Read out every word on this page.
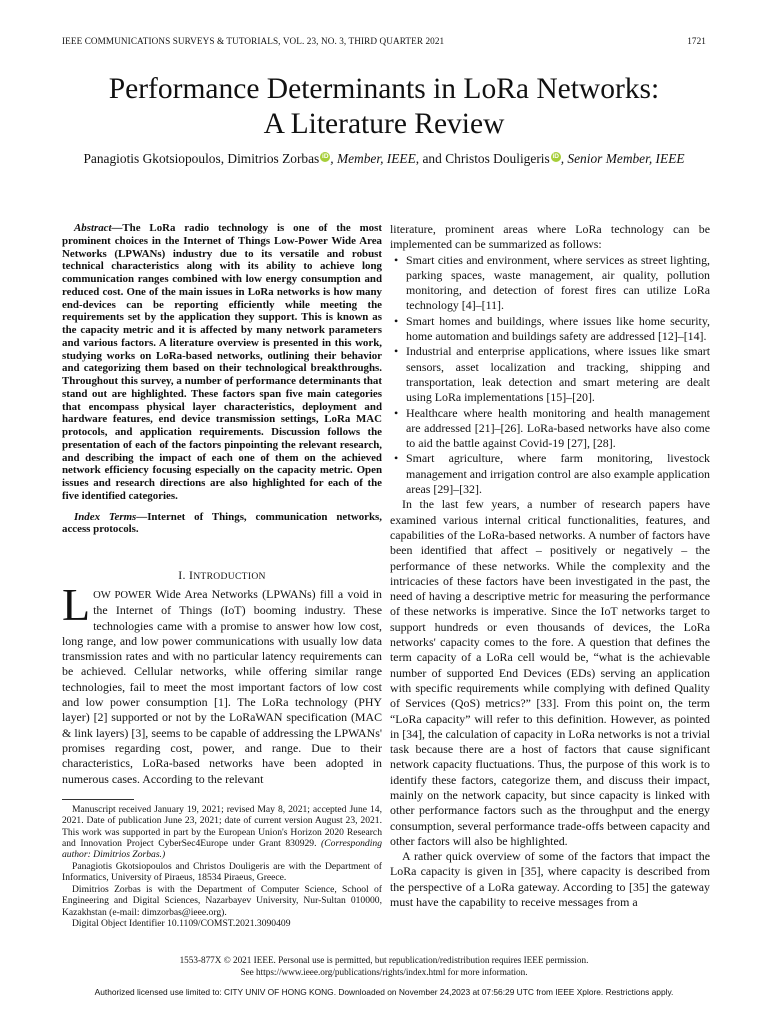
IEEE COMMUNICATIONS SURVEYS & TUTORIALS, VOL. 23, NO. 3, THIRD QUARTER 2021	1721
Performance Determinants in LoRa Networks:
A Literature Review
Panagiotis Gkotsiopoulos, Dimitrios Zorbas iD , Member, IEEE, and Christos Douligeris iD , Senior Member, IEEE

Abstract—The LoRa radio technology is one of the most prominent choices in the Internet of Things Low-Power Wide Area Networks (LPWANs) industry due to its versatile and robust technical characteristics along with its ability to achieve long communication ranges combined with low energy consumption and reduced cost. One of the main issues in LoRa networks is how many end-devices can be reporting efficiently while meeting the requirements set by the application they support. This is known as the capacity metric and it is affected by many network parameters and various factors. A literature overview is presented in this work, studying works on LoRa-based networks, outlining their behavior and categorizing them based on their technological breakthroughs. Throughout this survey, a number of performance determinants that stand out are highlighted. These factors span five main categories that encompass physical layer characteristics, deployment and hardware features, end device transmission settings, LoRa MAC protocols, and application requirements. Discussion follows the presentation of each of the factors pinpointing the relevant research, and describing the impact of each one of them on the achieved network efficiency focusing especially on the capacity metric. Open issues and research directions are also highlighted for each of the five identified categories.

Index Terms—Internet of Things, communication networks, access protocols.

I. INTRODUCTION

LOW POWER Wide Area Networks (LPWANs) fill a void in the Internet of Things (IoT) booming industry. These technologies came with a promise to answer how low cost, long range, and low power communications with usually low data transmission rates and with no particular latency requirements can be achieved. Cellular networks, while offering similar range technologies, fail to meet the most important factors of low cost and low power consumption [1]. The LoRa technology (PHY layer) [2] supported or not by the LoRaWAN specification (MAC & link layers) [3], seems to be capable of addressing the LPWANs' promises regarding cost, power, and range. Due to their characteristics, LoRa-based networks have been adopted in numerous cases. According to the relevant

Manuscript received January 19, 2021; revised May 8, 2021; accepted June 14, 2021. Date of publication June 23, 2021; date of current version August 23, 2021. This work was supported in part by the European Union's Horizon 2020 Research and Innovation Project CyberSec4Europe under Grant 830929. (Corresponding author: Dimitrios Zorbas.)

Panagiotis Gkotsiopoulos and Christos Douligeris are with the Department of Informatics, University of Piraeus, 18534 Piraeus, Greece.

Dimitrios Zorbas is with the Department of Computer Science, School of Engineering and Digital Sciences, Nazarbayev University, Nur-Sultan 010000, Kazakhstan (e-mail: dimzorbas@ieee.org).

Digital Object Identifier 10.1109/COMST.2021.3090409

literature, prominent areas where LoRa technology can be implemented can be summarized as follows:

• Smart cities and environment, where services as street lighting, parking spaces, waste management, air quality, pollution monitoring, and detection of forest fires can utilize LoRa technology [4]–[11].
• Smart homes and buildings, where issues like home security, home automation and buildings safety are addressed [12]–[14].
• Industrial and enterprise applications, where issues like smart sensors, asset localization and tracking, shipping and transportation, leak detection and smart metering are dealt using LoRa implementations [15]–[20].
• Healthcare where health monitoring and health management are addressed [21]–[26]. LoRa-based networks have also come to aid the battle against Covid-19 [27], [28].
• Smart agriculture, where farm monitoring, livestock management and irrigation control are also example application areas [29]–[32].

In the last few years, a number of research papers have examined various internal critical functionalities, features, and capabilities of the LoRa-based networks. A number of factors have been identified that affect – positively or negatively – the performance of these networks. While the complexity and the intricacies of these factors have been investigated in the past, the need of having a descriptive metric for measuring the performance of these networks is imperative. Since the IoT networks target to support hundreds or even thousands of devices, the LoRa networks' capacity comes to the fore. A question that defines the term capacity of a LoRa cell would be, “what is the achievable number of supported End Devices (EDs) serving an application with specific requirements while complying with defined Quality of Services (QoS) metrics?” [33]. From this point on, the term “LoRa capacity” will refer to this definition. However, as pointed in [34], the calculation of capacity in LoRa networks is not a trivial task because there are a host of factors that cause significant network capacity fluctuations. Thus, the purpose of this work is to identify these factors, categorize them, and discuss their impact, mainly on the network capacity, but since capacity is linked with other performance factors such as the throughput and the energy consumption, several performance trade-offs between capacity and other factors will also be highlighted.

A rather quick overview of some of the factors that impact the LoRa capacity is given in [35], where capacity is described from the perspective of a LoRa gateway. According to [35] the gateway must have the capability to receive messages from a

1553-877X © 2021 IEEE. Personal use is permitted, but republication/redistribution requires IEEE permission.
See https://www.ieee.org/publications/rights/index.html for more information.
Authorized licensed use limited to: CITY UNIV OF HONG KONG. Downloaded on November 24,2023 at 07:56:29 UTC from IEEE Xplore. Restrictions apply.
